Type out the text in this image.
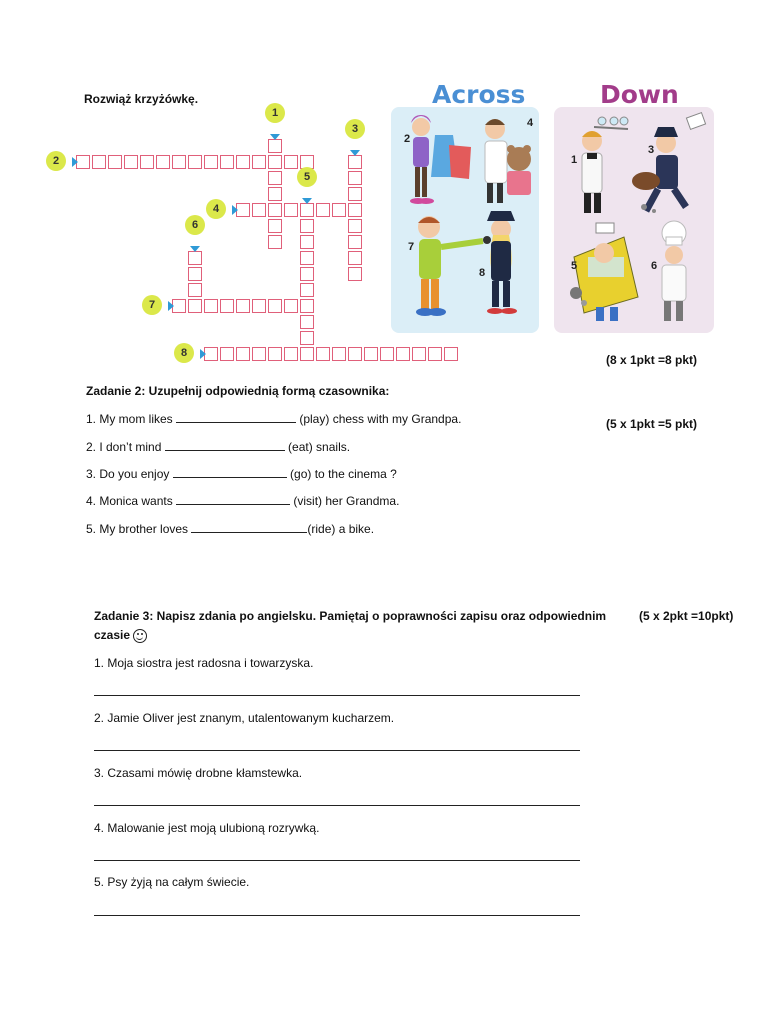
Rozwiąż krzyżówkę.
2
1
3
4
5
6
7
8
Across
2
4
7
8
Down
1
3
5	6
(8 x 1pkt =8 pkt)
Zadanie 2: Uzupełnij odpowiednią formą czasownika:
(5 x 1pkt =5 pkt)
1. My mom likes	(play) chess with my Grandpa.
2. I don’t mind	(eat) snails.
3. Do you enjoy	(go) to the cinema ?
4. Monica wants	(visit) her Grandma.
5. My brother loves	(ride) a bike.
Zadanie 3: Napisz zdania po angielsku. Pamiętaj o poprawności zapisu oraz odpowiednim
czasie
(5 x 2pkt =10pkt)
1. Moja siostra jest radosna i towarzyska.
2. Jamie Oliver jest znanym, utalentowanym kucharzem.
3. Czasami mówię drobne kłamstewka.
4. Malowanie jest moją ulubioną rozrywką.
5. Psy żyją na całym świecie.
